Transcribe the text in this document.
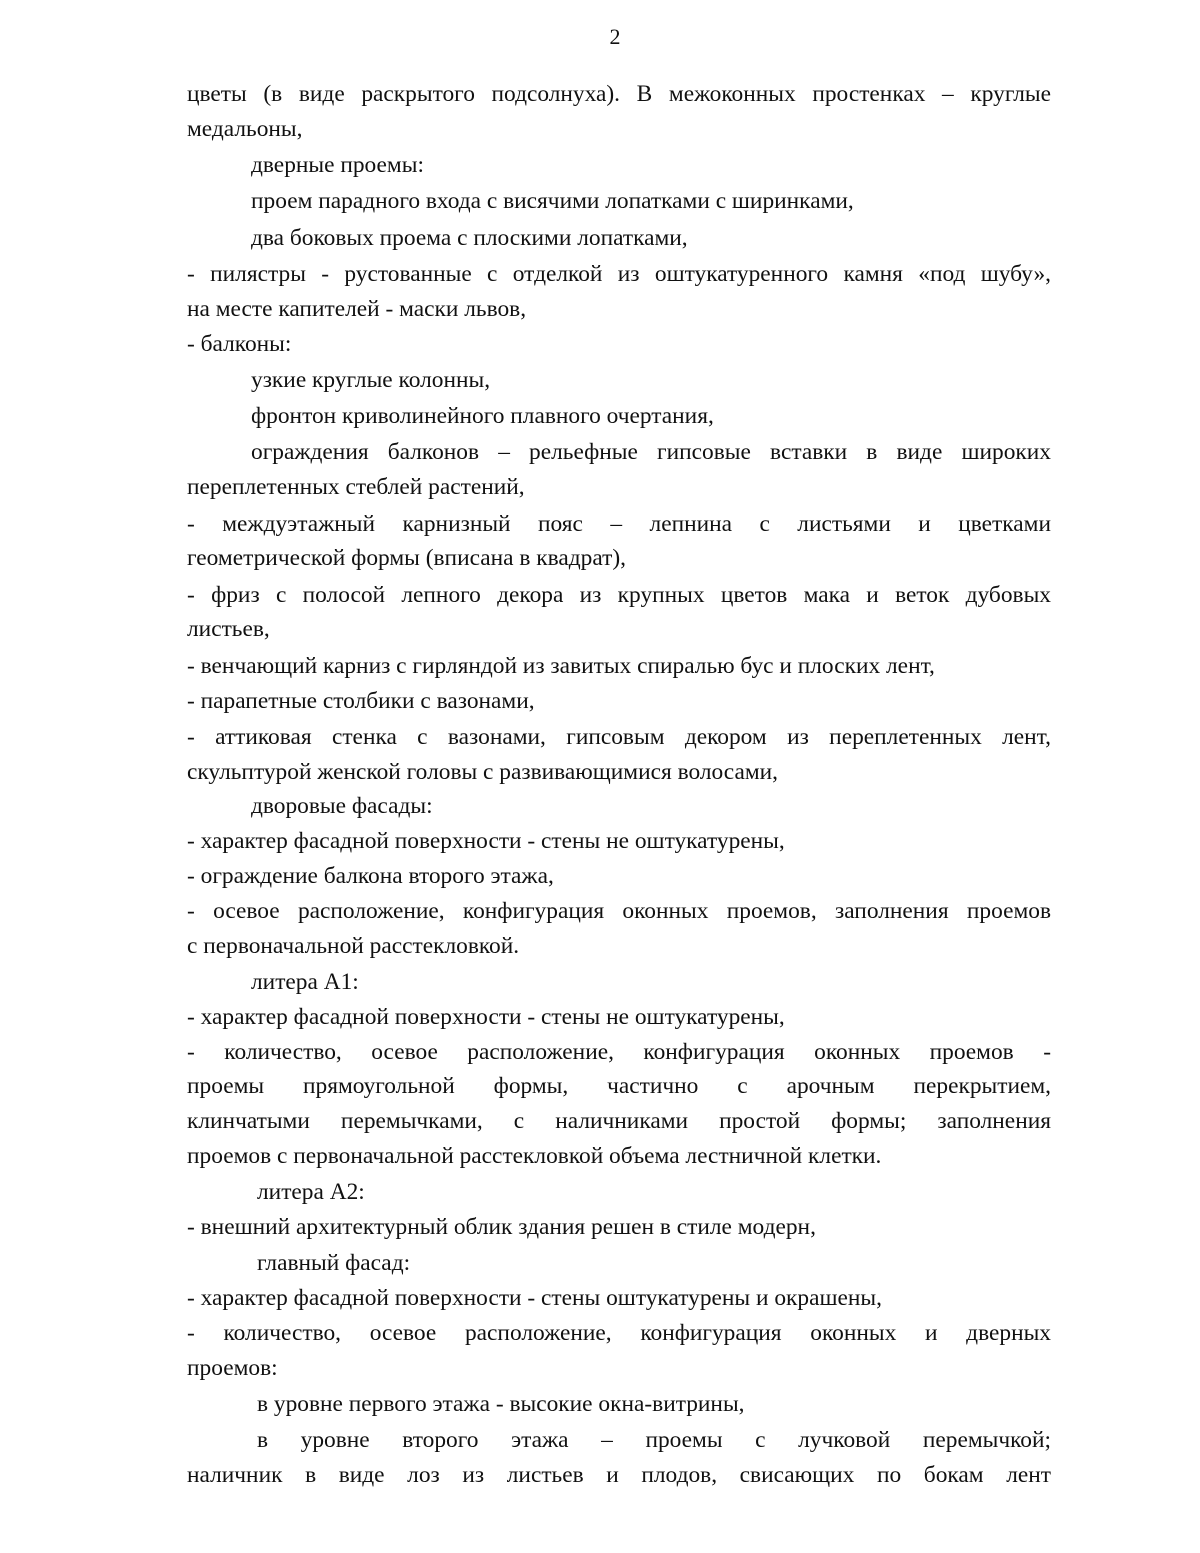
2
цветы (в виде раскрытого подсолнуха). В межоконных простенках – круглые
медальоны,
дверные проемы:
проем парадного входа с висячими лопатками с ширинками,
два боковых проема с плоскими лопатками,
- пилястры - рустованные с отделкой из оштукатуренного камня «под шубу»,
на месте капителей - маски львов,
- балконы:
узкие круглые колонны,
фронтон криволинейного плавного очертания,
ограждения балконов – рельефные гипсовые вставки в виде широких
переплетенных стеблей растений,
- междуэтажный карнизный пояс – лепнина с листьями и цветками
геометрической формы (вписана в квадрат),
- фриз с полосой лепного декора из крупных цветов мака и веток дубовых
листьев,
- венчающий карниз с гирляндой из завитых спиралью бус и плоских лент,
- парапетные столбики с вазонами,
- аттиковая стенка с вазонами, гипсовым декором из переплетенных лент,
скульптурой женской головы с развивающимися волосами,
дворовые фасады:
- характер фасадной поверхности - стены не оштукатурены,
- ограждение балкона второго этажа,
- осевое расположение, конфигурация оконных проемов, заполнения проемов
с первоначальной расстекловкой.
литера А1:
- характер фасадной поверхности - стены не оштукатурены,
- количество, осевое расположение, конфигурация оконных проемов -
проемы прямоугольной формы, частично с арочным перекрытием,
клинчатыми перемычками, с наличниками простой формы; заполнения
проемов с первоначальной расстекловкой объема лестничной клетки.
литера А2:
- внешний архитектурный облик здания решен в стиле модерн,
главный фасад:
- характер фасадной поверхности - стены оштукатурены и окрашены,
- количество, осевое расположение, конфигурация оконных и дверных
проемов:
в уровне первого этажа - высокие окна-витрины,
в уровне второго этажа – проемы с лучковой перемычкой;
наличник в виде лоз из листьев и плодов, свисающих по бокам лент
